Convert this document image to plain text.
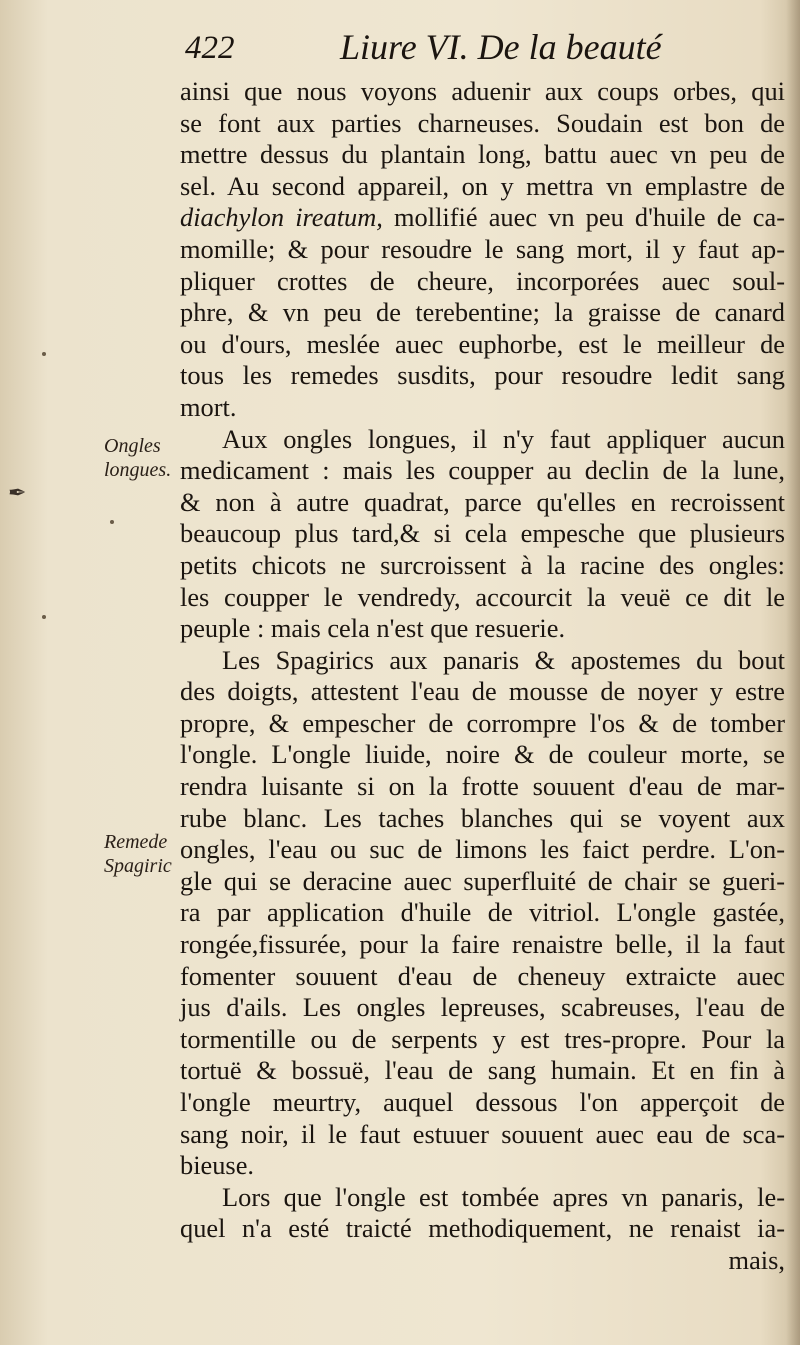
422	Liure VI. De la beauté
Ongles
longues.
Remede
Spagiric
✒
ainsi que nous voyons aduenir aux coups orbes, qui
se font aux parties charneuses. Soudain est bon de
mettre dessus du plantain long, battu auec vn peu de
sel. Au second appareil, on y mettra vn emplastre de
diachylon ireatum, mollifié auec vn peu d'huile de ca-
momille; & pour resoudre le sang mort, il y faut ap-
pliquer crottes de cheure, incorporées auec soul-
phre, & vn peu de terebentine; la graisse de canard
ou d'ours, meslée auec euphorbe, est le meilleur de
tous les remedes susdits, pour resoudre ledit sang
mort.
Aux ongles longues, il n'y faut appliquer aucun
medicament : mais les coupper au declin de la lune,
& non à autre quadrat, parce qu'elles en recroissent
beaucoup plus tard,& si cela empesche que plusieurs
petits chicots ne surcroissent à la racine des ongles:
les coupper le vendredy, accourcit la veuë ce dit le
peuple : mais cela n'est que resuerie.
Les Spagirics aux panaris & apostemes du bout
des doigts, attestent l'eau de mousse de noyer y estre
propre, & empescher de corrompre l'os & de tomber
l'ongle. L'ongle liuide, noire & de couleur morte, se
rendra luisante si on la frotte souuent d'eau de mar-
rube blanc. Les taches blanches qui se voyent aux
ongles, l'eau ou suc de limons les faict perdre. L'on-
gle qui se deracine auec superfluité de chair se gueri-
ra par application d'huile de vitriol. L'ongle gastée,
rongée,fissurée, pour la faire renaistre belle, il la faut
fomenter souuent d'eau de cheneuy extraicte auec
jus d'ails. Les ongles lepreuses, scabreuses, l'eau de
tormentille ou de serpents y est tres-propre. Pour la
tortuë & bossuë, l'eau de sang humain. Et en fin à
l'ongle meurtry, auquel dessous l'on apperçoit de
sang noir, il le faut estuuer souuent auec eau de sca-
bieuse.
Lors que l'ongle est tombée apres vn panaris, le-
quel n'a esté traicté methodiquement, ne renaist ia-
mais,
